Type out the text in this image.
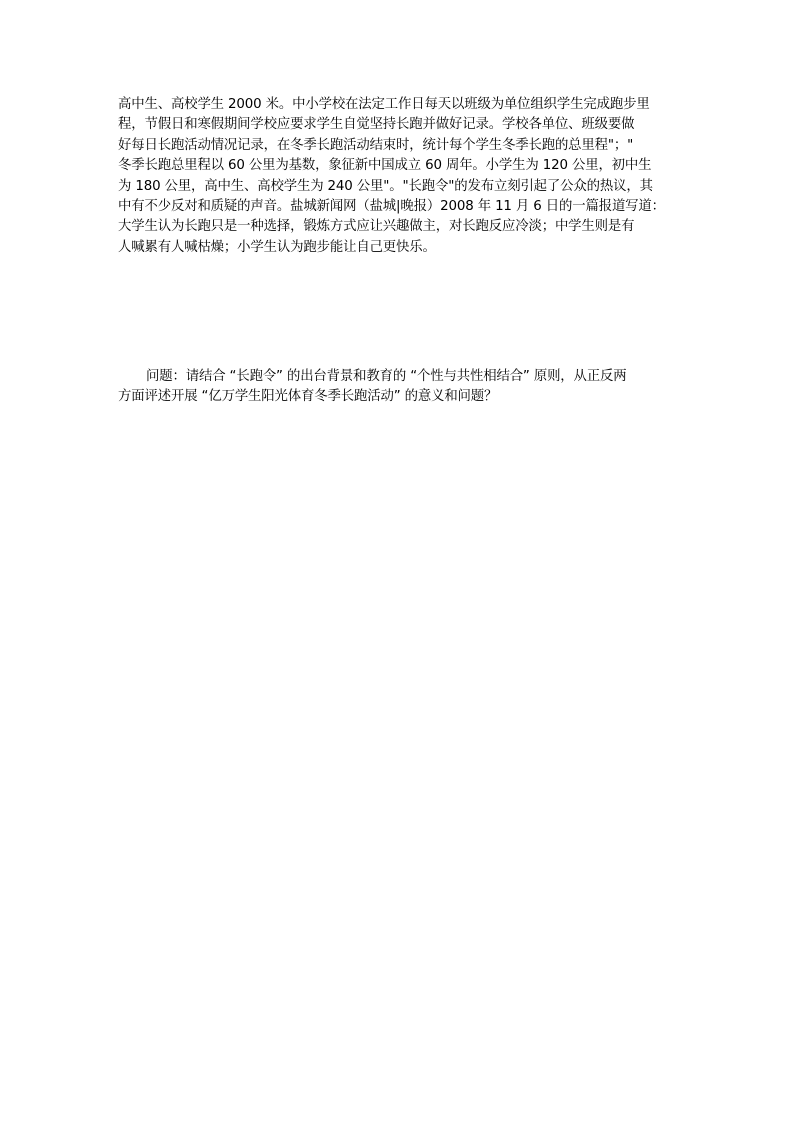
高中生、高校学生 2000 米。中小学校在法定工作日每天以班级为单位组织学生完成跑步里
程，节假日和寒假期间学校应要求学生自觉坚持长跑并做好记录。学校各单位、班级要做
好每日长跑活动情况记录，在冬季长跑活动结束时，统计每个学生冬季长跑的总里程"；"
冬季长跑总里程以 60 公里为基数，象征新中国成立 60 周年。小学生为 120 公里，初中生
为 180 公里，高中生、高校学生为 240 公里"。"长跑令"的发布立刻引起了公众的热议，其
中有不少反对和质疑的声音。盐城新闻网（盐城|晚报）2008 年 11 月 6 日的一篇报道写道：
大学生认为长跑只是一种选择，锻炼方式应让兴趣做主，对长跑反应冷淡；中学生则是有
人喊累有人喊枯燥；小学生认为跑步能让自己更快乐。

问题：请结合 “长跑令” 的出台背景和教育的 “个性与共性相结合” 原则，从正反两
方面评述开展 “亿万学生阳光体育冬季长跑活动” 的意义和问题？
